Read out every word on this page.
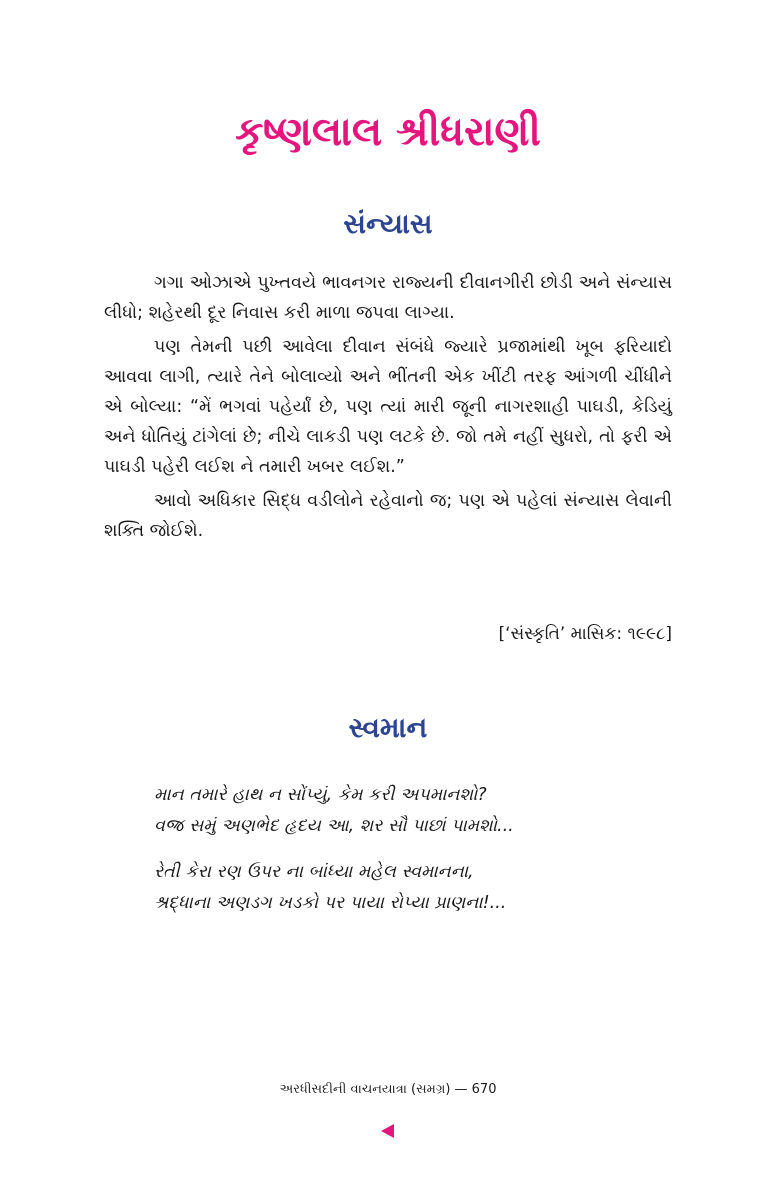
કૃષ્ણલાલ શ્રીધરાણી
સંન્યાસ

ગગા ઓઝાએ પુખ્તવયે ભાવનગર રાજ્યની દીવાનગીરી છોડી અને સંન્યાસ લીધો; શહેરથી દૂર નિવાસ કરી માળા જપવા લાગ્યા.

પણ તેમની પછી આવેલા દીવાન સંબંધે જ્યારે પ્રજામાંથી ખૂબ ફરિયાદો આવવા લાગી, ત્યારે તેને બોલાવ્યો અને ભીંતની એક ખીંટી તરફ આંગળી ચીંધીને એ બોલ્યા: “મેં ભગવાં પહેર્યાં છે, પણ ત્યાં મારી જૂની નાગરશાહી પાઘડી, કેડિયું અને ધોતિયું ટાંગેલાં છે; નીચે લાકડી પણ લટકે છે. જો તમે નહીં સુધરો, તો ફરી એ પાઘડી પહેરી લઈશ ને તમારી ખબર લઈશ.”

આવો અધિકાર સિદ્ધ વડીલોને રહેવાનો જ; પણ એ પહેલાં સંન્યાસ લેવાની શક્તિ જોઈશે.

[‘સંસ્કૃતિ’ માસિક: ૧૯૯૮]
સ્વમાન
માન તમારે હાથ ન સોંપ્યું, કેમ કરી અપમાનશો?
વજ્ર સમું અણભેદ હૃદય આ, શર સૌ પાછાં પામશો...
રેતી કેરા રણ ઉપર ના બાંધ્યા મહેલ સ્વમાનના,
શ્રદ્ધાના અણડગ ખડકો પર પાયા રોપ્યા પ્રાણના!...
અરધીસદીની વાચનયાત્રા (સમગ્ર) — 670
